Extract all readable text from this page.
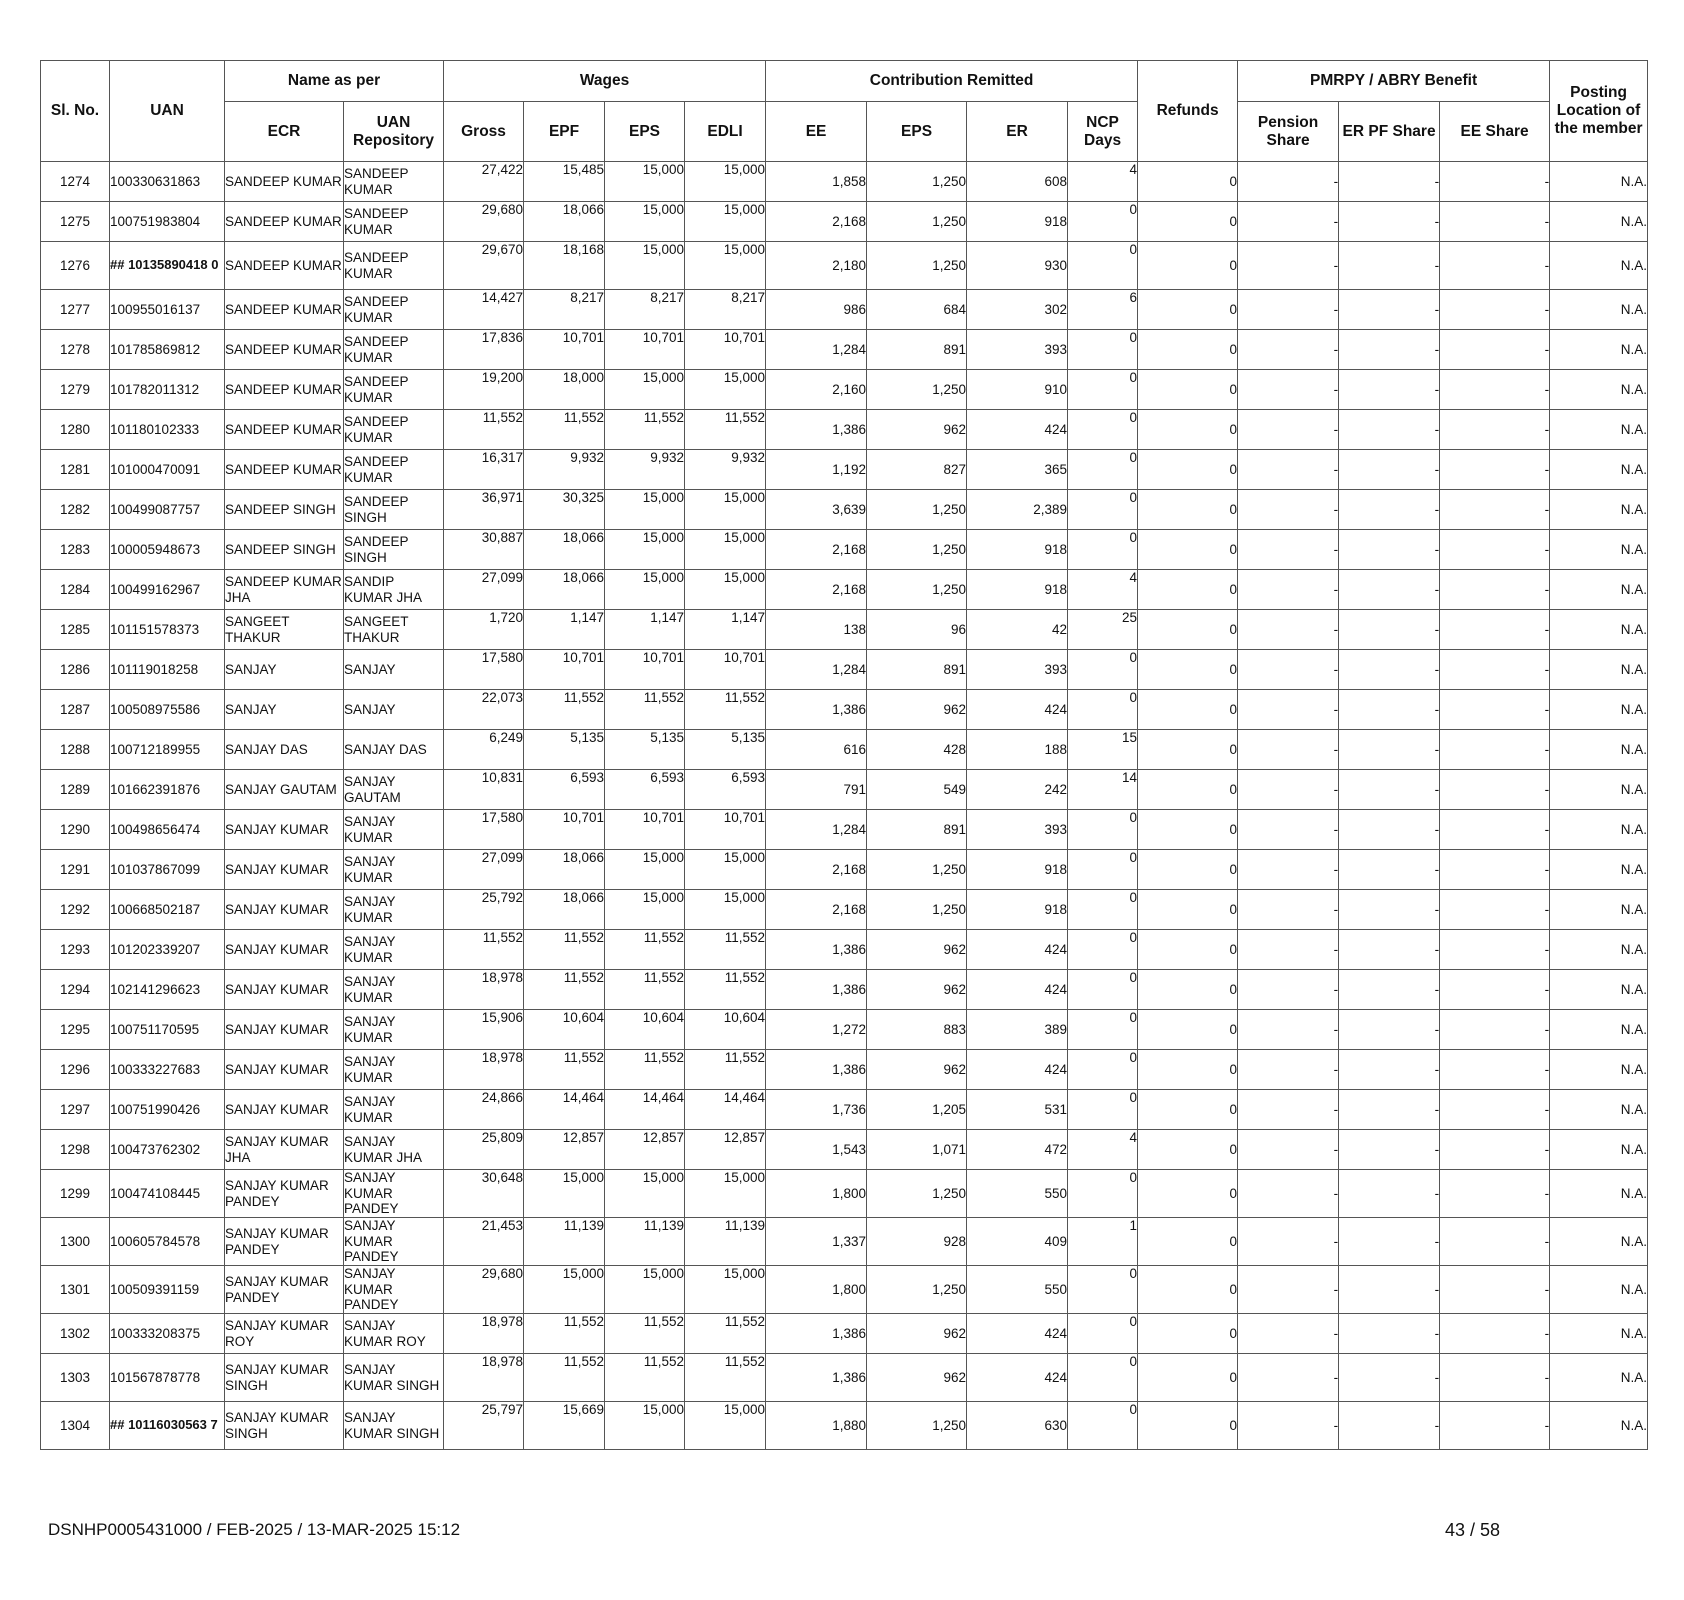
Sl. No.	UAN	Name as per		Wages				Contribution Remitted				Refunds	PMRPY / ABRY Benefit			Posting Location of the member
		ECR	UAN Repository	Gross	EPF	EPS	EDLI	EE	EPS	ER	NCP Days		Pension Share	ER PF Share	EE Share	
1274	100330631863	SANDEEP KUMAR	SANDEEP KUMAR	27,422	15,485	15,000	15,000	1,858	1,250	608	4	0	-	-	-	N.A.
1275	100751983804	SANDEEP KUMAR	SANDEEP KUMAR	29,680	18,066	15,000	15,000	2,168	1,250	918	0	0	-	-	-	N.A.
1276	## 10135890418 0	SANDEEP KUMAR	SANDEEP KUMAR	29,670	18,168	15,000	15,000	2,180	1,250	930	0	0	-	-	-	N.A.
1277	100955016137	SANDEEP KUMAR	SANDEEP KUMAR	14,427	8,217	8,217	8,217	986	684	302	6	0	-	-	-	N.A.
1278	101785869812	SANDEEP KUMAR	SANDEEP KUMAR	17,836	10,701	10,701	10,701	1,284	891	393	0	0	-	-	-	N.A.
1279	101782011312	SANDEEP KUMAR	SANDEEP KUMAR	19,200	18,000	15,000	15,000	2,160	1,250	910	0	0	-	-	-	N.A.
1280	101180102333	SANDEEP KUMAR	SANDEEP KUMAR	11,552	11,552	11,552	11,552	1,386	962	424	0	0	-	-	-	N.A.
1281	101000470091	SANDEEP KUMAR	SANDEEP KUMAR	16,317	9,932	9,932	9,932	1,192	827	365	0	0	-	-	-	N.A.
1282	100499087757	SANDEEP SINGH	SANDEEP SINGH	36,971	30,325	15,000	15,000	3,639	1,250	2,389	0	0	-	-	-	N.A.
1283	100005948673	SANDEEP SINGH	SANDEEP SINGH	30,887	18,066	15,000	15,000	2,168	1,250	918	0	0	-	-	-	N.A.
1284	100499162967	SANDEEP KUMAR JHA	SANDIP KUMAR JHA	27,099	18,066	15,000	15,000	2,168	1,250	918	4	0	-	-	-	N.A.
1285	101151578373	SANGEET THAKUR	SANGEET THAKUR	1,720	1,147	1,147	1,147	138	96	42	25	0	-	-	-	N.A.
1286	101119018258	SANJAY	SANJAY	17,580	10,701	10,701	10,701	1,284	891	393	0	0	-	-	-	N.A.
1287	100508975586	SANJAY	SANJAY	22,073	11,552	11,552	11,552	1,386	962	424	0	0	-	-	-	N.A.
1288	100712189955	SANJAY DAS	SANJAY DAS	6,249	5,135	5,135	5,135	616	428	188	15	0	-	-	-	N.A.
1289	101662391876	SANJAY GAUTAM	SANJAY GAUTAM	10,831	6,593	6,593	6,593	791	549	242	14	0	-	-	-	N.A.
1290	100498656474	SANJAY KUMAR	SANJAY KUMAR	17,580	10,701	10,701	10,701	1,284	891	393	0	0	-	-	-	N.A.
1291	101037867099	SANJAY KUMAR	SANJAY KUMAR	27,099	18,066	15,000	15,000	2,168	1,250	918	0	0	-	-	-	N.A.
1292	100668502187	SANJAY KUMAR	SANJAY KUMAR	25,792	18,066	15,000	15,000	2,168	1,250	918	0	0	-	-	-	N.A.
1293	101202339207	SANJAY KUMAR	SANJAY KUMAR	11,552	11,552	11,552	11,552	1,386	962	424	0	0	-	-	-	N.A.
1294	102141296623	SANJAY KUMAR	SANJAY KUMAR	18,978	11,552	11,552	11,552	1,386	962	424	0	0	-	-	-	N.A.
1295	100751170595	SANJAY KUMAR	SANJAY KUMAR	15,906	10,604	10,604	10,604	1,272	883	389	0	0	-	-	-	N.A.
1296	100333227683	SANJAY KUMAR	SANJAY KUMAR	18,978	11,552	11,552	11,552	1,386	962	424	0	0	-	-	-	N.A.
1297	100751990426	SANJAY KUMAR	SANJAY KUMAR	24,866	14,464	14,464	14,464	1,736	1,205	531	0	0	-	-	-	N.A.
1298	100473762302	SANJAY KUMAR JHA	SANJAY KUMAR JHA	25,809	12,857	12,857	12,857	1,543	1,071	472	4	0	-	-	-	N.A.
1299	100474108445	SANJAY KUMAR PANDEY	SANJAY KUMAR PANDEY	30,648	15,000	15,000	15,000	1,800	1,250	550	0	0	-	-	-	N.A.
1300	100605784578	SANJAY KUMAR PANDEY	SANJAY KUMAR PANDEY	21,453	11,139	11,139	11,139	1,337	928	409	1	0	-	-	-	N.A.
1301	100509391159	SANJAY KUMAR PANDEY	SANJAY KUMAR PANDEY	29,680	15,000	15,000	15,000	1,800	1,250	550	0	0	-	-	-	N.A.
1302	100333208375	SANJAY KUMAR ROY	SANJAY KUMAR ROY	18,978	11,552	11,552	11,552	1,386	962	424	0	0	-	-	-	N.A.
1303	101567878778	SANJAY KUMAR SINGH	SANJAY KUMAR SINGH	18,978	11,552	11,552	11,552	1,386	962	424	0	0	-	-	-	N.A.
1304	## 10116030563 7	SANJAY KUMAR SINGH	SANJAY KUMAR SINGH	25,797	15,669	15,000	15,000	1,880	1,250	630	0	0	-	-	-	N.A.
DSNHP0005431000 / FEB-2025 / 13-MAR-2025 15:12	43 / 58
